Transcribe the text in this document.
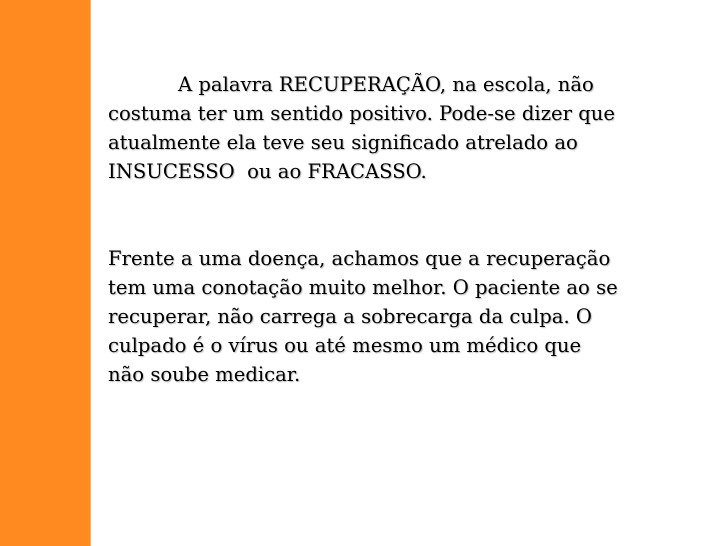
A palavra RECUPERAÇÃO, na escola, não
costuma ter um sentido positivo. Pode-se dizer que
atualmente ela teve seu significado atrelado ao
INSUCESSO  ou ao FRACASSO.

Frente a uma doença, achamos que a recuperação
tem uma conotação muito melhor. O paciente ao se
recuperar, não carrega a sobrecarga da culpa. O
culpado é o vírus ou até mesmo um médico que
não soube medicar.
